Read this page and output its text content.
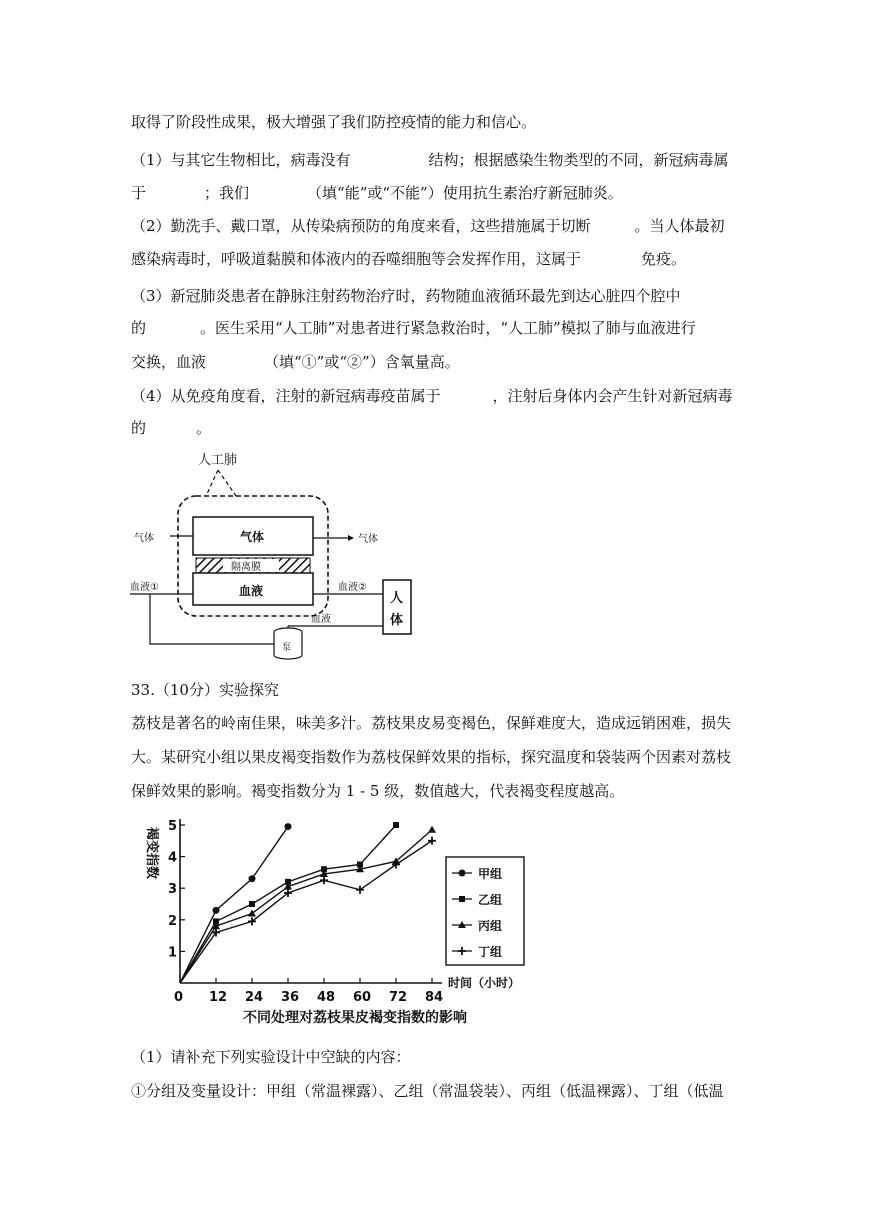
取得了阶段性成果，极大增强了我们防控疫情的能力和信心。
（1）与其它生物相比，病毒没有	结构；根据感染生物类型的不同，新冠病毒属
于	；我们	（填“能”或“不能”）使用抗生素治疗新冠肺炎。
（2）勤洗手、戴口罩，从传染病预防的角度来看，这些措施属于切断	。当人体最初
感染病毒时，呼吸道黏膜和体液内的吞噬细胞等会发挥作用，这属于	免疫。
（3）新冠肺炎患者在静脉注射药物治疗时，药物随血液循环最先到达心脏四个腔中
的	。医生采用“人工肺”对患者进行紧急救治时，“人工肺”模拟了肺与血液进行
交换，血液	（填“①”或“②”）含氧量高。
（4）从免疫角度看，注射的新冠病毒疫苗属于	，注射后身体内会产生针对新冠病毒
的	。
人工肺
气体
隔离膜
血液
气体	气体
血液①	血液②
人
体
血液
泵
33.（10分）实验探究
荔枝是著名的岭南佳果，味美多汁。荔枝果皮易变褐色，保鲜难度大，造成远销困难，损失
大。某研究小组以果皮褐变指数作为荔枝保鲜效果的指标，探究温度和袋装两个因素对荔枝
保鲜效果的影响。褐变指数分为 1 - 5 级，数值越大，代表褐变程度越高。
褐变指数
时间（小时）
不同处理对荔枝果皮褐变指数的影响
0 12 24 36 48 60 72 84
1
2
3
4
5
甲组
乙组
丙组
丁组
（1）请补充下列实验设计中空缺的内容：
①分组及变量设计：甲组（常温裸露）、乙组（常温袋装）、丙组（低温裸露）、丁组（低温
